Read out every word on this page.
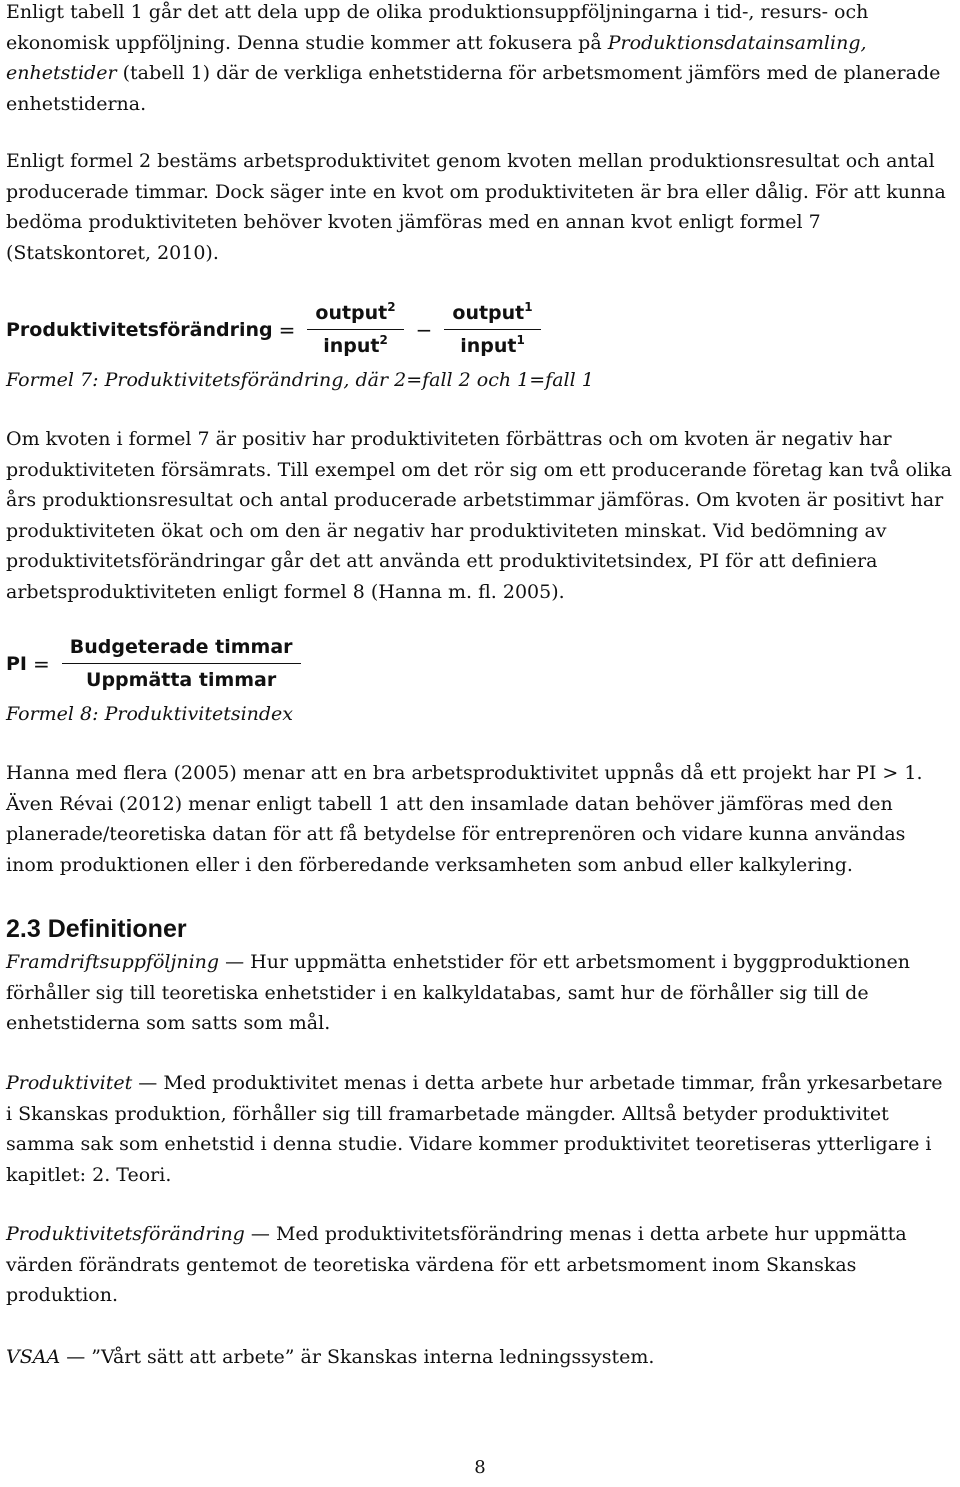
Enligt tabell 1 går det att dela upp de olika produktionsuppföljningarna i tid-, resurs- och ekonomisk uppföljning. Denna studie kommer att fokusera på Produktionsdatainsamling, enhetstider (tabell 1) där de verkliga enhetstiderna för arbetsmoment jämförs med de planerade enhetstiderna.

Enligt formel 2 bestäms arbetsproduktivitet genom kvoten mellan produktionsresultat och antal producerade timmar. Dock säger inte en kvot om produktiviteten är bra eller dålig. För att kunna bedöma produktiviteten behöver kvoten jämföras med en annan kvot enligt formel 7 (Statskontoret, 2010).

Produktivitetsförändring = $\frac{output^2}{input^2} - \frac{output^1}{input^1}$
Formel 7: Produktivitetsförändring, där 2=fall 2 och 1=fall 1

Om kvoten i formel 7 är positiv har produktiviteten förbättras och om kvoten är negativ har produktiviteten försämrats. Till exempel om det rör sig om ett producerande företag kan två olika års produktionsresultat och antal producerade arbetstimmar jämföras. Om kvoten är positivt har produktiviteten ökat och om den är negativ har produktiviteten minskat. Vid bedömning av produktivitetsförändringar går det att använda ett produktivitetsindex, PI för att definiera arbetsproduktiviteten enligt formel 8 (Hanna m. fl. 2005).

PI = $\frac{\text{Budgeterade timmar}}{\text{Uppmätta timmar}}$
Formel 8: Produktivitetsindex

Hanna med flera (2005) menar att en bra arbetsproduktivitet uppnås då ett projekt har PI > 1. Även Révai (2012) menar enligt tabell 1 att den insamlade datan behöver jämföras med den planerade/teoretiska datan för att få betydelse för entreprenören och vidare kunna användas inom produktionen eller i den förberedande verksamheten som anbud eller kalkylering.

2.3 Definitioner

Framdriftsuppföljning — Hur uppmätta enhetstider för ett arbetsmoment i byggproduktionen förhåller sig till teoretiska enhetstider i en kalkyldatabas, samt hur de förhåller sig till de enhetstiderna som satts som mål.

Produktivitet — Med produktivitet menas i detta arbete hur arbetade timmar, från yrkesarbetare i Skanskas produktion, förhåller sig till framarbetade mängder. Alltså betyder produktivitet samma sak som enhetstid i denna studie. Vidare kommer produktivitet teoretiseras ytterligare i kapitlet: 2. Teori.

Produktivitetsförändring — Med produktivitetsförändring menas i detta arbete hur uppmätta värden förändrats gentemot de teoretiska värdena för ett arbetsmoment inom Skanskas produktion.

VSAA — ”Vårt sätt att arbete” är Skanskas interna ledningssystem.

8
